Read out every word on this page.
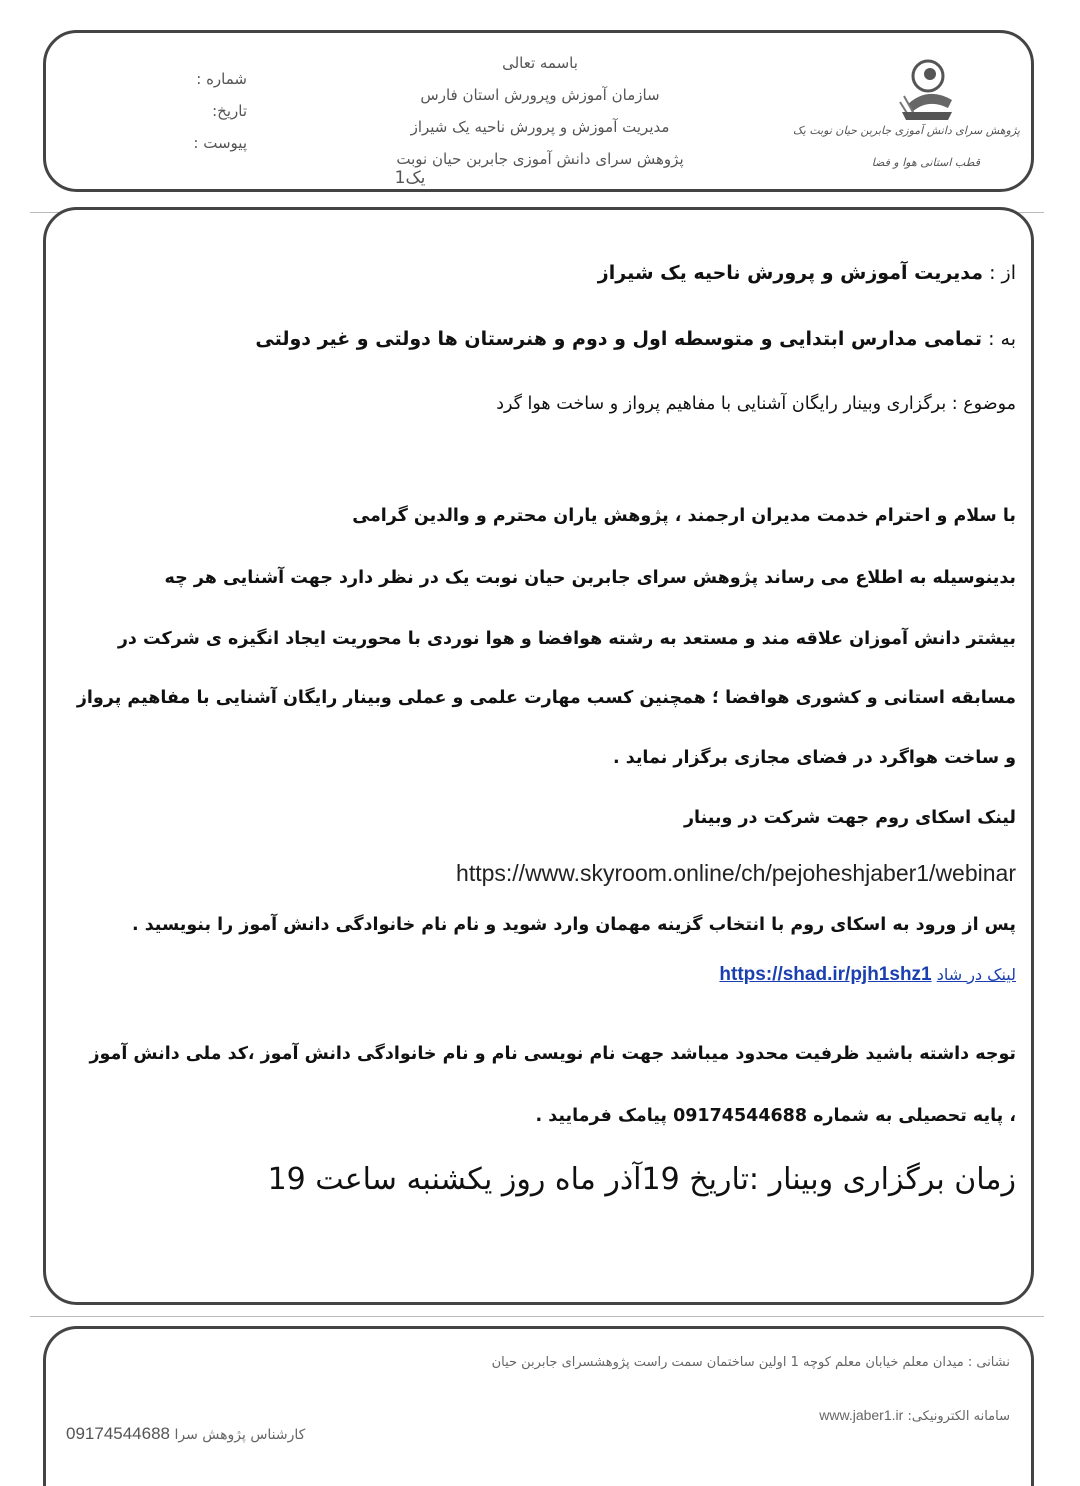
باسمه تعالی
سازمان آموزش وپرورش استان فارس
مدیریت آموزش و پرورش ناحیه یک شیراز
پژوهش سرای دانش آموزی جابربن حیان نوبت
یک1
شماره :
تاریخ:
پیوست :
پژوهش سرای دانش آموزی جابربن حیان نوبت یک
قطب استانی هوا و فضا
از : مدیریت آموزش و پرورش ناحیه یک شیراز
به : تمامی مدارس ابتدایی و متوسطه اول و دوم و هنرستان ها دولتی و غیر دولتی
موضوع : برگزاری وبینار رایگان آشنایی با مفاهیم پرواز و ساخت هوا گرد
با سلام و احترام خدمت مدیران ارجمند ، پژوهش یاران محترم و والدین گرامی
بدینوسیله به اطلاع می رساند پژوهش سرای جابربن حیان نوبت یک در نظر دارد جهت آشنایی هر چه
بیشتر دانش آموزان علاقه مند و مستعد به رشته هوافضا و هوا نوردی با محوریت ایجاد انگیزه ی شرکت در
مسابقه استانی و کشوری هوافضا ؛ همچنین کسب مهارت علمی و عملی وبینار رایگان آشنایی با مفاهیم پرواز
و ساخت هواگرد در فضای مجازی برگزار نماید .
لینک اسکای روم جهت شرکت در وبینار
https://www.skyroom.online/ch/pejoheshjaber1/webinar
پس از ورود به اسکای روم با انتخاب گزینه مهمان وارد شوید و نام نام خانوادگی دانش آموز را بنویسید .
لینک در شاد https://shad.ir/pjh1shz1
توجه داشته باشید ظرفیت محدود میباشد جهت نام نویسی نام و نام خانوادگی دانش آموز ،کد ملی دانش آموز
، پایه تحصیلی به شماره 09174544688 پیامک فرمایید .
زمان برگزاری وبینار :تاریخ 19آذر ماه روز یکشنبه ساعت 19
نشانی : میدان معلم خیابان معلم کوچه 1 اولین ساختمان سمت راست پژوهشسرای جابربن حیان
سامانه الکترونیکی: www.jaber1.ir
کارشناس پژوهش سرا 09174544688
